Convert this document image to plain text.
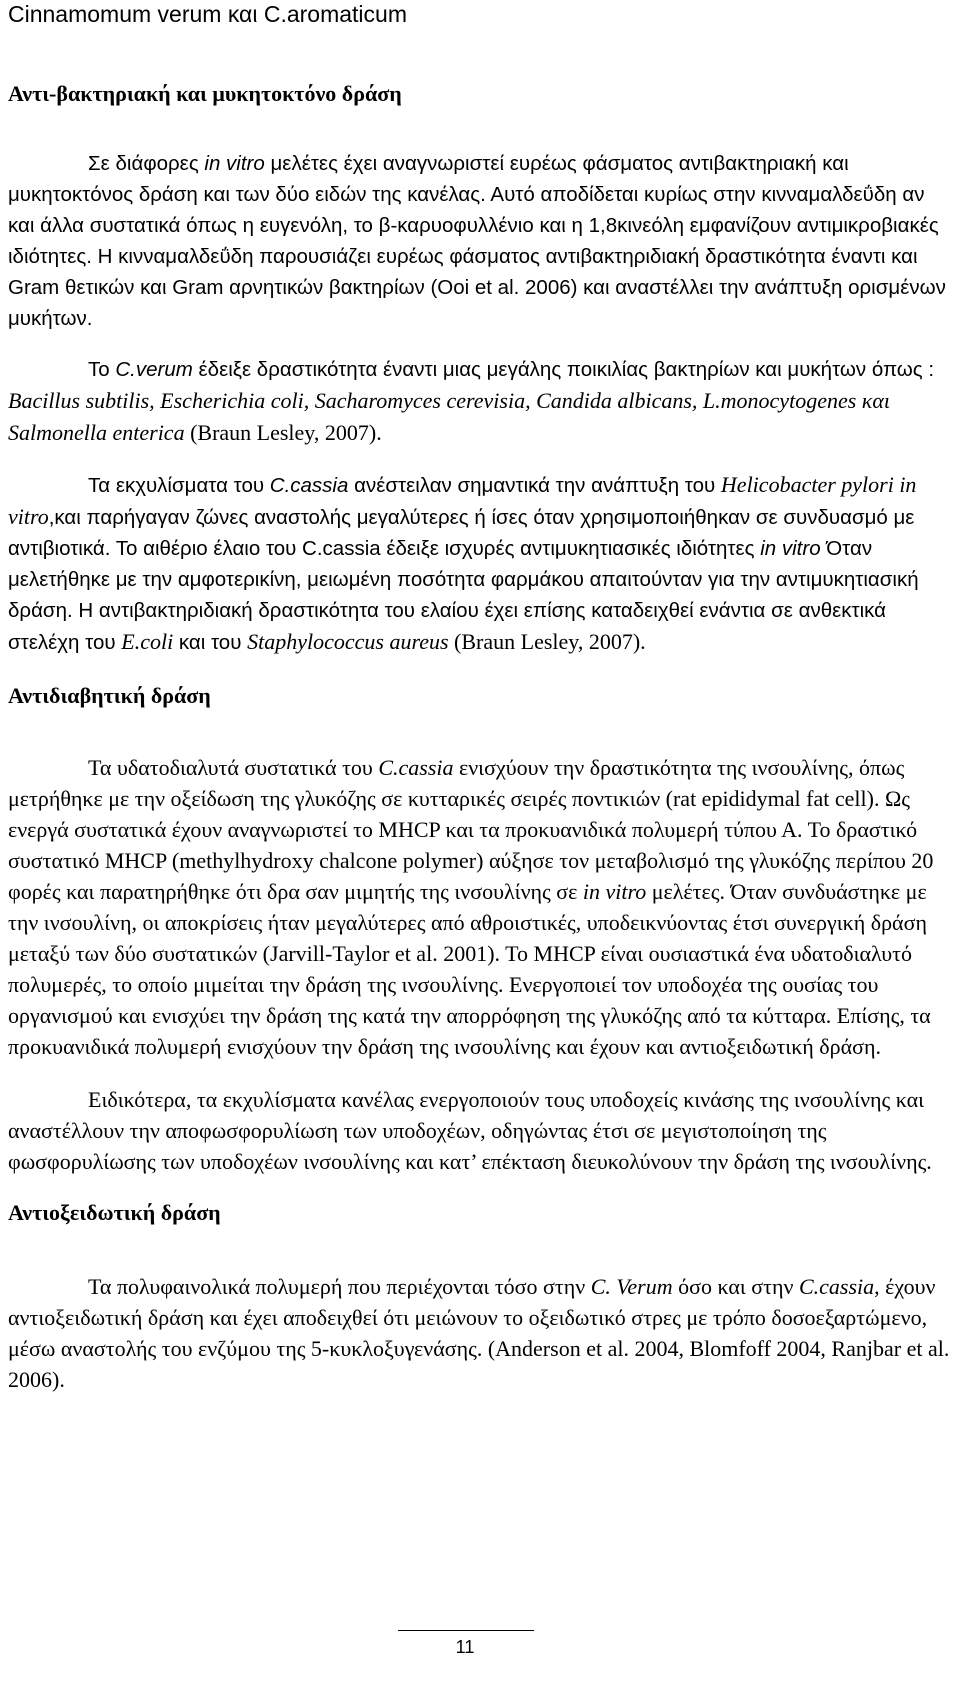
Cinnamomum verum και C.aromaticum

Αντι-βακτηριακή και μυκητοκτόνο δράση

Σε διάφορες in vitro μελέτες έχει αναγνωριστεί ευρέως φάσματος αντιβακτηριακή και μυκητοκτόνος δράση και των δύο ειδών της κανέλας. Αυτό αποδίδεται κυρίως στην κινναμαλδεΰδη αν και άλλα συστατικά όπως η ευγενόλη, το β-καρυοφυλλένιο και η 1,8κινεόλη εμφανίζουν αντιμικροβιακές ιδιότητες. Η κινναμαλδεΰδη παρουσιάζει ευρέως φάσματος αντιβακτηριδιακή δραστικότητα έναντι και Gram θετικών και Gram αρνητικών βακτηρίων (Ooi et al. 2006) και αναστέλλει την ανάπτυξη ορισμένων μυκήτων.

Το C.verum έδειξε δραστικότητα έναντι μιας μεγάλης ποικιλίας βακτηρίων και μυκήτων όπως : Bacillus subtilis, Escherichia coli, Sacharomyces cerevisia, Candida albicans, L.monocytogenes και Salmonella enterica (Braun Lesley, 2007).

Τα εκχυλίσματα του C.cassia ανέστειλαν σημαντικά την ανάπτυξη του Helicobacter pylori in vitro,και παρήγαγαν ζώνες αναστολής μεγαλύτερες ή ίσες όταν χρησιμοποιήθηκαν σε συνδυασμό με αντιβιοτικά. Το αιθέριο έλαιο του C.cassia έδειξε ισχυρές αντιμυκητιασικές ιδιότητες in vitro Όταν μελετήθηκε με την αμφοτερικίνη, μειωμένη ποσότητα φαρμάκου απαιτούνταν για την αντιμυκητιασική δράση. Η αντιβακτηριδιακή δραστικότητα του ελαίου έχει επίσης καταδειχθεί ενάντια σε ανθεκτικά στελέχη του E.coli και του Staphylococcus aureus (Braun Lesley, 2007).

Αντιδιαβητική δράση

Τα υδατοδιαλυτά συστατικά του C.cassia ενισχύουν την δραστικότητα της ινσουλίνης, όπως μετρήθηκε με την οξείδωση της γλυκόζης σε κυτταρικές σειρές ποντικιών (rat epididymal fat cell). Ως ενεργά συστατικά έχουν αναγνωριστεί το MHCP και τα προκυανιδικά πολυμερή τύπου Α. Το δραστικό συστατικό MHCP (methylhydroxy chalcone polymer) αύξησε τον μεταβολισμό της γλυκόζης περίπου 20 φορές και παρατηρήθηκε ότι δρα σαν μιμητής της ινσουλίνης σε in vitro μελέτες. Όταν συνδυάστηκε με την ινσουλίνη, οι αποκρίσεις ήταν μεγαλύτερες από αθροιστικές, υποδεικνύοντας έτσι συνεργική δράση μεταξύ των δύο συστατικών (Jarvill-Taylor et al. 2001). Το MHCP είναι ουσιαστικά ένα υδατοδιαλυτό πολυμερές, το οποίο μιμείται την δράση της ινσουλίνης. Ενεργοποιεί τον υποδοχέα της ουσίας του οργανισμού και ενισχύει την δράση της κατά την απορρόφηση της γλυκόζης από τα κύτταρα. Επίσης, τα προκυανιδικά πολυμερή ενισχύουν την δράση της ινσουλίνης και έχουν και αντιοξειδωτική δράση.

Ειδικότερα, τα εκχυλίσματα κανέλας ενεργοποιούν τους υποδοχείς κινάσης της ινσουλίνης και αναστέλλουν την αποφωσφορυλίωση των υποδοχέων, οδηγώντας έτσι σε μεγιστοποίηση της φωσφορυλίωσης των υποδοχέων ινσουλίνης και κατ’ επέκταση διευκολύνουν την δράση της ινσουλίνης.

Αντιοξειδωτική δράση

Τα πολυφαινολικά πολυμερή που περιέχονται τόσο στην C. Verum όσο και στην C.cassia, έχουν αντιοξειδωτική δράση και έχει αποδειχθεί ότι μειώνουν το οξειδωτικό στρες με τρόπο δοσοεξαρτώμενο, μέσω αναστολής του ενζύμου της 5-κυκλοξυγενάσης. (Anderson et al. 2004, Blomfoff 2004, Ranjbar et al. 2006).

11
